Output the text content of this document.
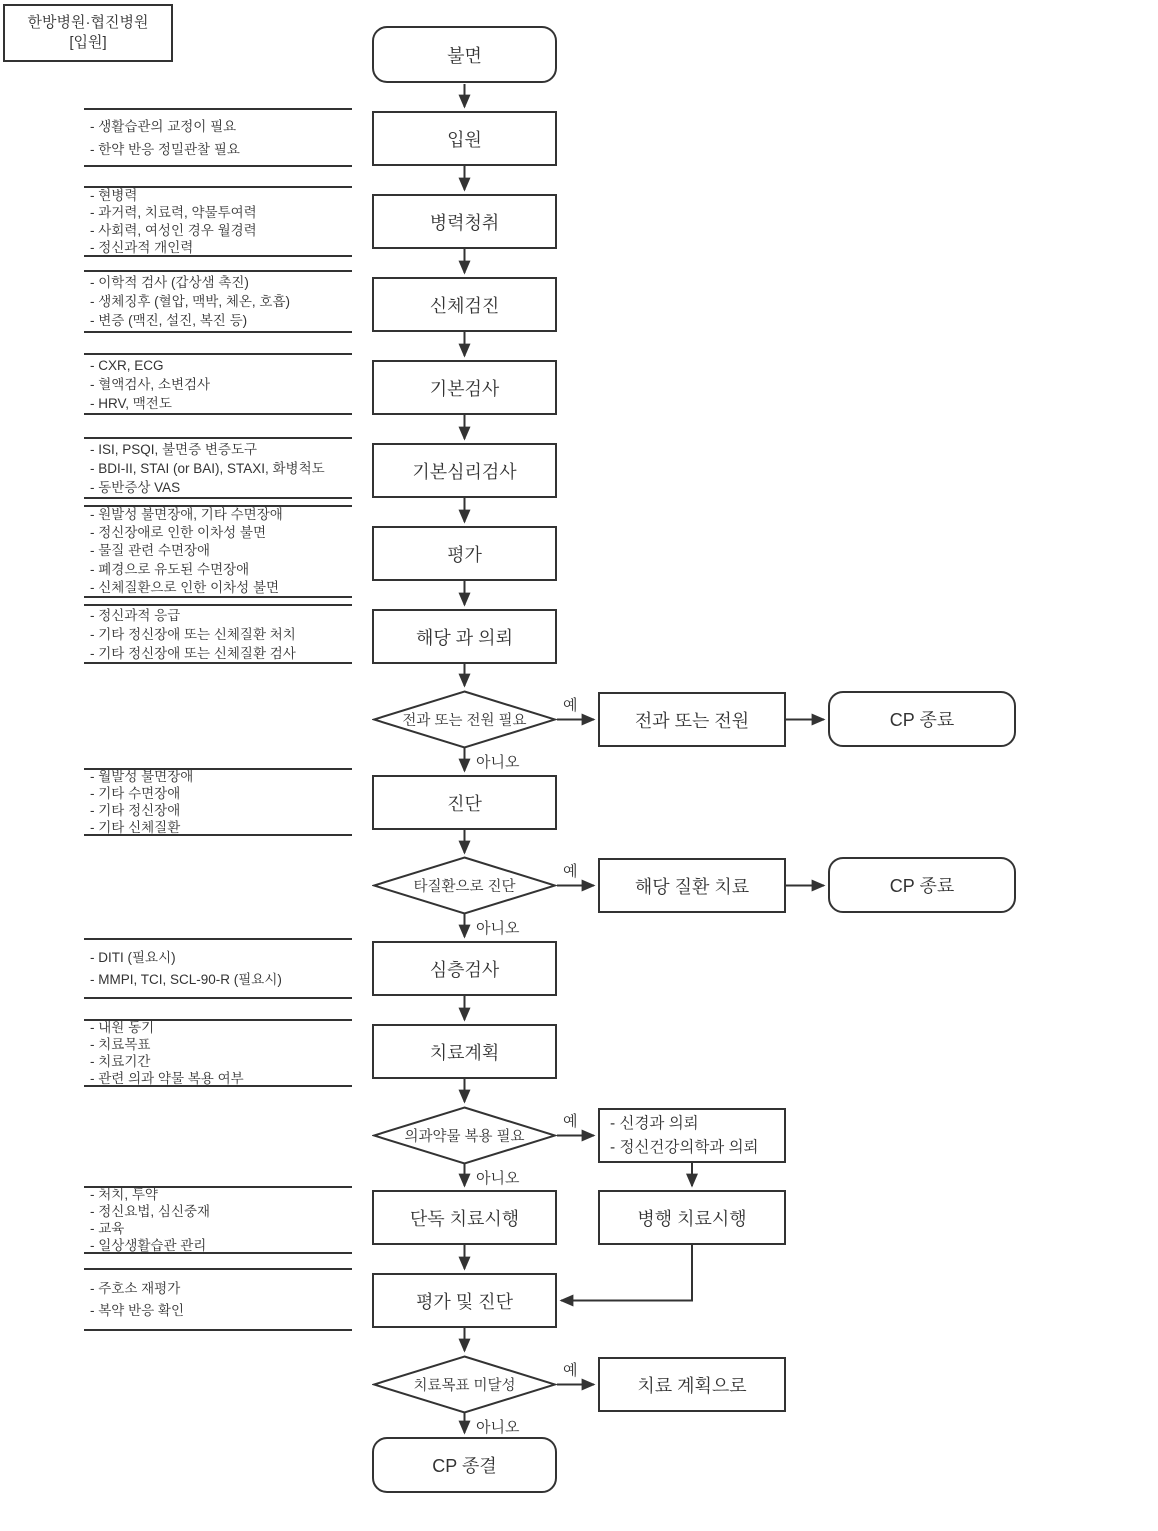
한방병원·협진병원
[입원]
불면
입원
병력청취
신체검진
기본검사
기본심리검사
평가
해당 과 의뢰
전과 또는 전원 필요
진단
타질환으로 진단
심층검사
치료계획
의과약물 복용 필요
단독 치료시행
평가 및 진단
치료목표 미달성
CP 종결
전과 또는 전원	CP 종료
해당 질환 치료	CP 종료
- 신경과 의뢰
- 정신건강의학과 의뢰
병행 치료시행
치료 계획으로
예
아니오
예
아니오
예
아니오
예
아니오
- 생활습관의 교정이 필요
- 한약 반응 정밀관찰 필요
- 현병력
- 과거력, 치료력, 약물투여력
- 사회력, 여성인 경우 월경력
- 정신과적 개인력
- 이학적 검사 (갑상샘 촉진)
- 생체징후 (혈압, 맥박, 체온, 호흡)
- 변증 (맥진, 설진, 복진 등)
- CXR, ECG
- 혈액검사, 소변검사
- HRV, 맥전도
- ISI, PSQI, 불면증 변증도구
- BDI-II, STAI (or BAI), STAXI, 화병척도
- 동반증상 VAS
- 원발성 불면장애, 기타 수면장애
- 정신장애로 인한 이차성 불면
- 물질 관련 수면장애
- 폐경으로 유도된 수면장애
- 신체질환으로 인한 이차성 불면
- 정신과적 응급
- 기타 정신장애 또는 신체질환 처치
- 기타 정신장애 또는 신체질환 검사
- 월발성 불면장애
- 기타 수면장애
- 기타 정신장애
- 기타 신체질환
- DITI (필요시)
- MMPI, TCI, SCL-90-R (필요시)
- 내원 동기
- 치료목표
- 치료기간
- 관련 의과 약물 복용 여부
- 처치, 투약
- 정신요법, 심신중재
- 교육
- 일상생활습관 관리
- 주호소 재평가
- 복약 반응 확인
